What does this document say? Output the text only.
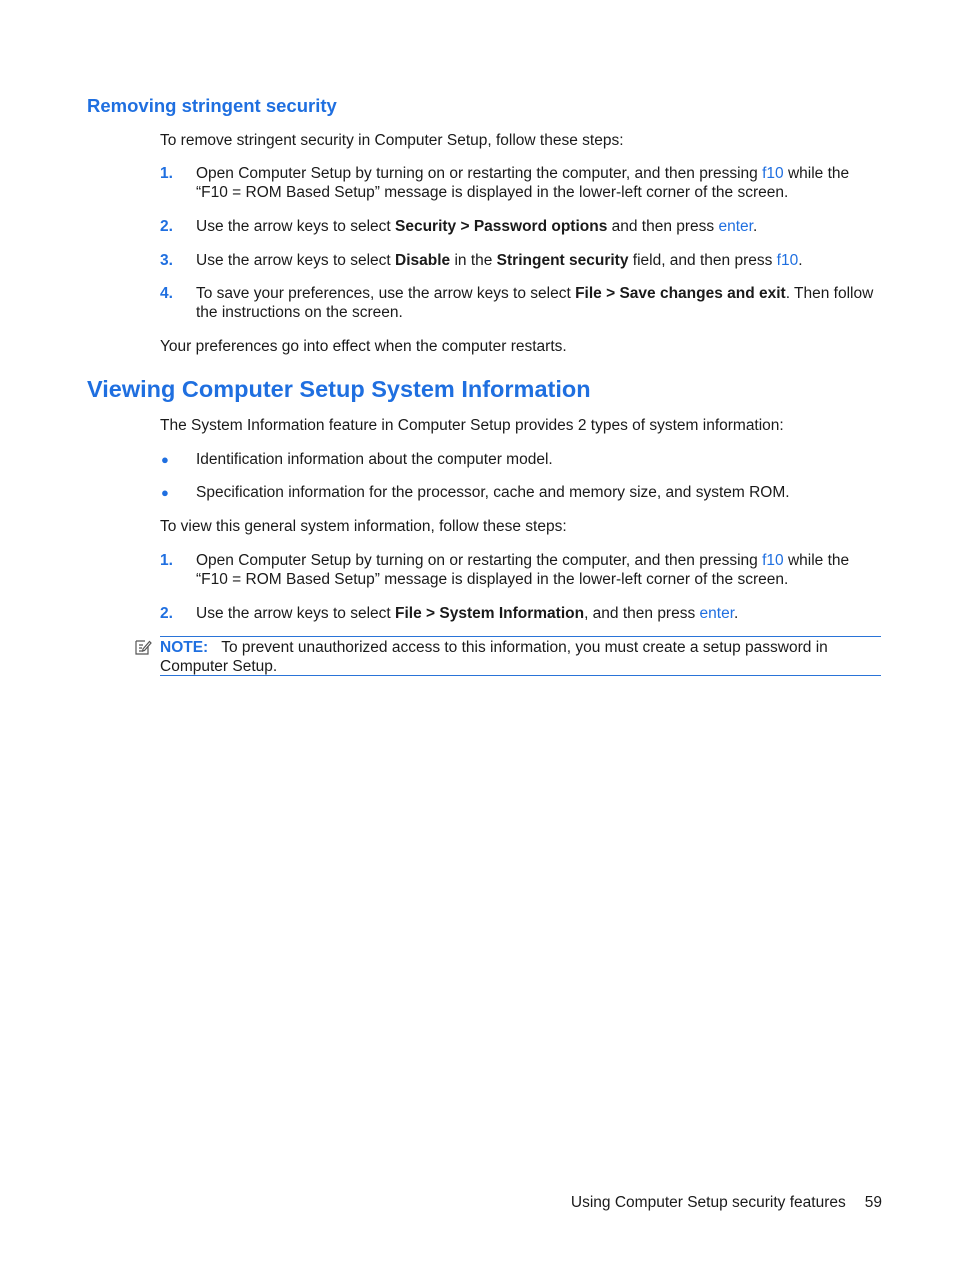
Removing stringent security
To remove stringent security in Computer Setup, follow these steps:
1. Open Computer Setup by turning on or restarting the computer, and then pressing f10 while the
“F10 = ROM Based Setup” message is displayed in the lower-left corner of the screen.
2. Use the arrow keys to select Security > Password options and then press enter.
3. Use the arrow keys to select Disable in the Stringent security field, and then press f10.
4. To save your preferences, use the arrow keys to select File > Save changes and exit. Then follow
the instructions on the screen.
Your preferences go into effect when the computer restarts.
Viewing Computer Setup System Information
The System Information feature in Computer Setup provides 2 types of system information:
● Identification information about the computer model.
● Specification information for the processor, cache and memory size, and system ROM.
To view this general system information, follow these steps:
1. Open Computer Setup by turning on or restarting the computer, and then pressing f10 while the
“F10 = ROM Based Setup” message is displayed in the lower-left corner of the screen.
2. Use the arrow keys to select File > System Information, and then press enter.
NOTE: To prevent unauthorized access to this information, you must create a setup password in
Computer Setup.
Using Computer Setup security features 59
